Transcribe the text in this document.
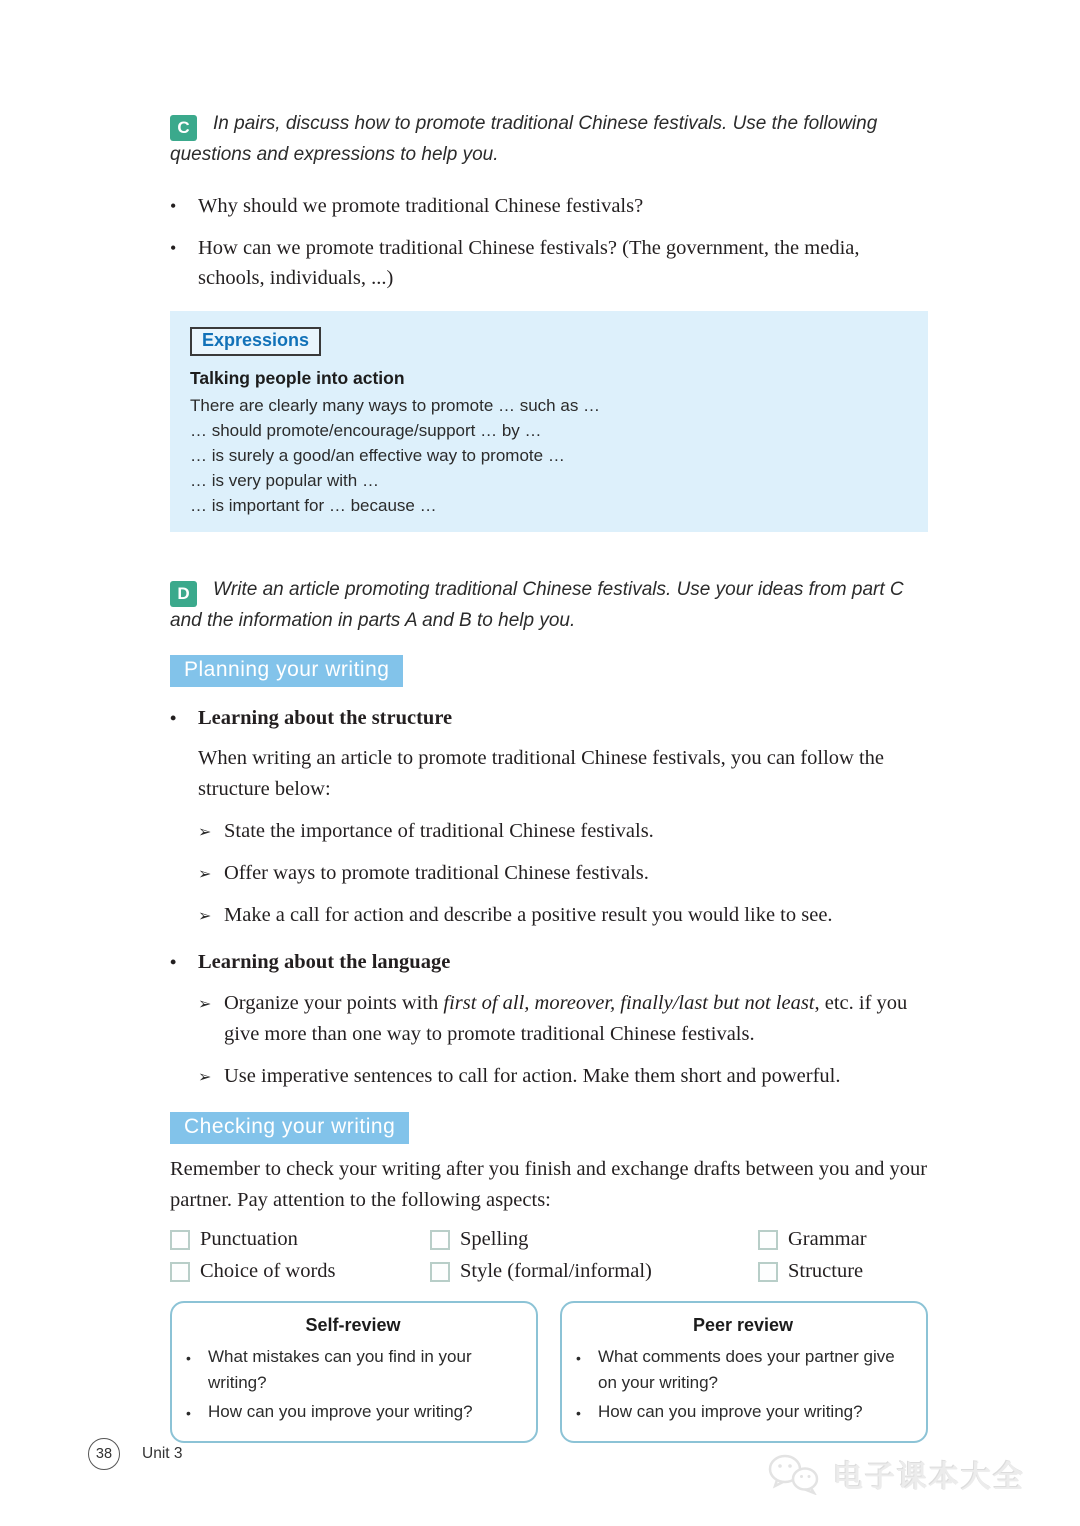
C In pairs, discuss how to promote traditional Chinese festivals. Use the following questions and expressions to help you.
•	Why should we promote traditional Chinese festivals?
•	How can we promote traditional Chinese festivals? (The government, the media, schools, individuals, ...)
Expressions
Talking people into action
There are clearly many ways to promote … such as …
… should promote/encourage/support … by …
… is surely a good/an effective way to promote …
… is very popular with …
… is important for … because …
D Write an article promoting traditional Chinese festivals. Use your ideas from part C and the information in parts A and B to help you.
Planning your writing
•	Learning about the structure
When writing an article to promote traditional Chinese festivals, you can follow the structure below:
➢ State the importance of traditional Chinese festivals.
➢ Offer ways to promote traditional Chinese festivals.
➢ Make a call for action and describe a positive result you would like to see.
•	Learning about the language
➢ Organize your points with first of all, moreover, finally/last but not least, etc. if you give more than one way to promote traditional Chinese festivals.
➢ Use imperative sentences to call for action. Make them short and powerful.
Checking your writing
Remember to check your writing after you finish and exchange drafts between you and your partner. Pay attention to the following aspects:
Punctuation	Spelling	Grammar
Choice of words	Style (formal/informal)	Structure
Self-review
•	What mistakes can you find in your writing?
•	How can you improve your writing?
Peer review
•	What comments does your partner give on your writing?
•	How can you improve your writing?
38	Unit 3
电子课本大全
